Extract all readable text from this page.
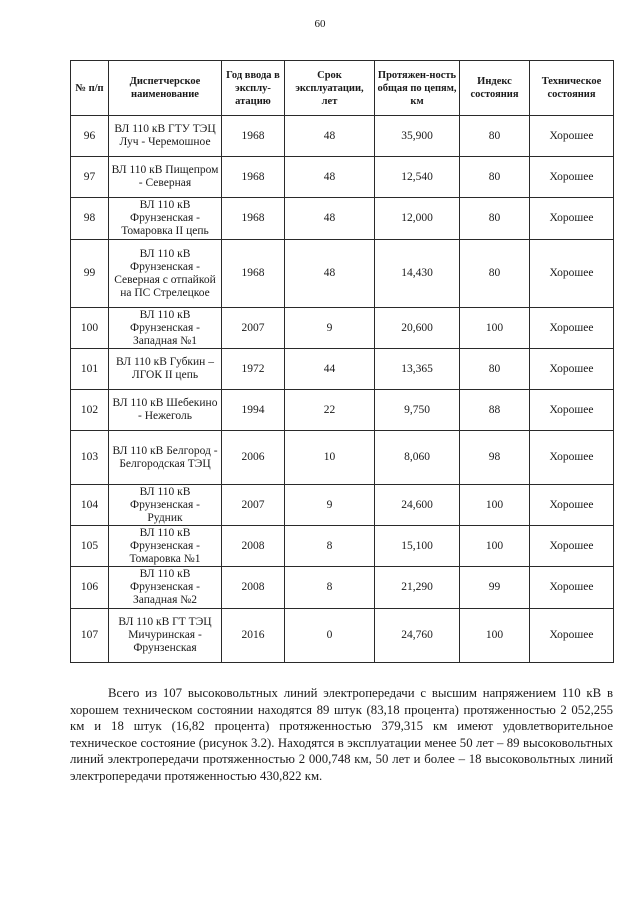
60
№ п/п	Диспетчерское наименование	Год ввода в эксплу-атацию	Срок эксплуатации, лет	Протяжен-ность общая по цепям, км	Индекс состояния	Техническое состояния
96	ВЛ 110 кВ ГТУ ТЭЦ Луч - Черемошное	1968	48	35,900	80	Хорошее
97	ВЛ 110 кВ Пищепром - Северная	1968	48	12,540	80	Хорошее
98	ВЛ 110 кВ Фрунзенская - Томаровка II цепь	1968	48	12,000	80	Хорошее
99	ВЛ 110 кВ Фрунзенская - Северная с отпайкой на ПС Стрелецкое	1968	48	14,430	80	Хорошее
100	ВЛ 110 кВ Фрунзенская - Западная №1	2007	9	20,600	100	Хорошее
101	ВЛ 110 кВ Губкин –ЛГОК II цепь	1972	44	13,365	80	Хорошее
102	ВЛ 110 кВ Шебекино - Нежеголь	1994	22	9,750	88	Хорошее
103	ВЛ 110 кВ Белгород - Белгородская ТЭЦ	2006	10	8,060	98	Хорошее
104	ВЛ 110 кВ Фрунзенская - Рудник	2007	9	24,600	100	Хорошее
105	ВЛ 110 кВ Фрунзенская - Томаровка №1	2008	8	15,100	100	Хорошее
106	ВЛ 110 кВ Фрунзенская - Западная №2	2008	8	21,290	99	Хорошее
107	ВЛ 110 кВ ГТ ТЭЦ Мичуринская - Фрунзенская	2016	0	24,760	100	Хорошее

Всего из 107 высоковольтных линий электропередачи с высшим напряжением 110 кВ в хорошем техническом состоянии находятся 89 штук (83,18 процента) протяженностью 2 052,255 км и 18 штук (16,82 процента) протяженностью 379,315 км имеют удовлетворительное техническое состояние (рисунок 3.2). Находятся в эксплуатации менее 50 лет – 89 высоковольтных линий электропередачи протяженностью 2 000,748 км, 50 лет и более – 18 высоковольтных линий электропередачи протяженностью 430,822 км.
